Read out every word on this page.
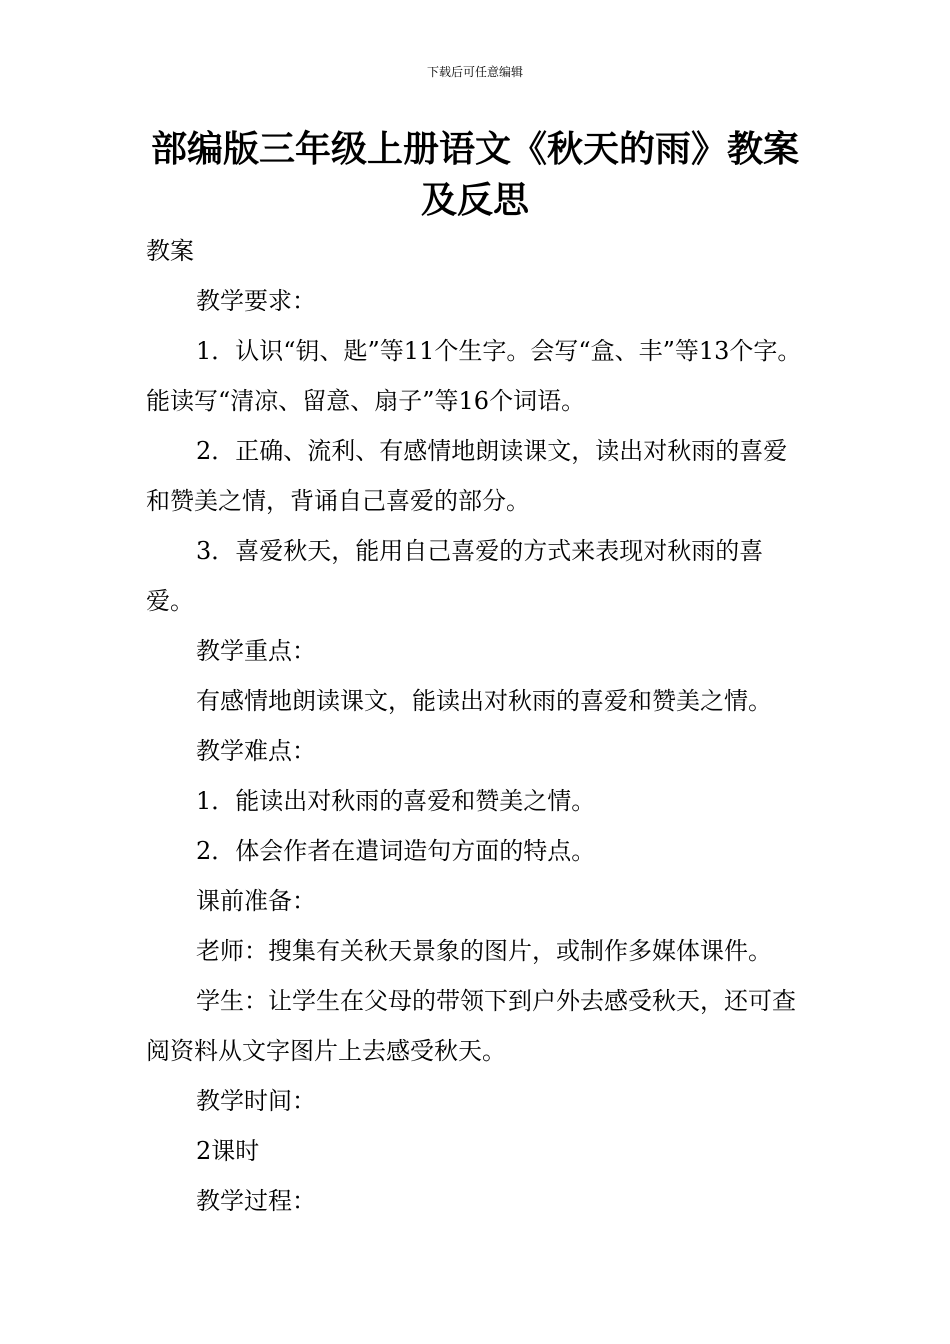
下载后可任意编辑
部编版三年级上册语文《秋天的雨》教案
及反思

教案

教学要求：

1．认识“钥、匙”等11个生字。会写“盒、丰”等13个字。能读写“清凉、留意、扇子”等16个词语。

2．正确、流利、有感情地朗读课文，读出对秋雨的喜爱和赞美之情，背诵自己喜爱的部分。

3．喜爱秋天，能用自己喜爱的方式来表现对秋雨的喜爱。

教学重点：

有感情地朗读课文，能读出对秋雨的喜爱和赞美之情。

教学难点：

1．能读出对秋雨的喜爱和赞美之情。

2．体会作者在遣词造句方面的特点。

课前准备：

老师：搜集有关秋天景象的图片，或制作多媒体课件。

学生：让学生在父母的带领下到户外去感受秋天，还可查阅资料从文字图片上去感受秋天。

教学时间：

2课时

教学过程：
